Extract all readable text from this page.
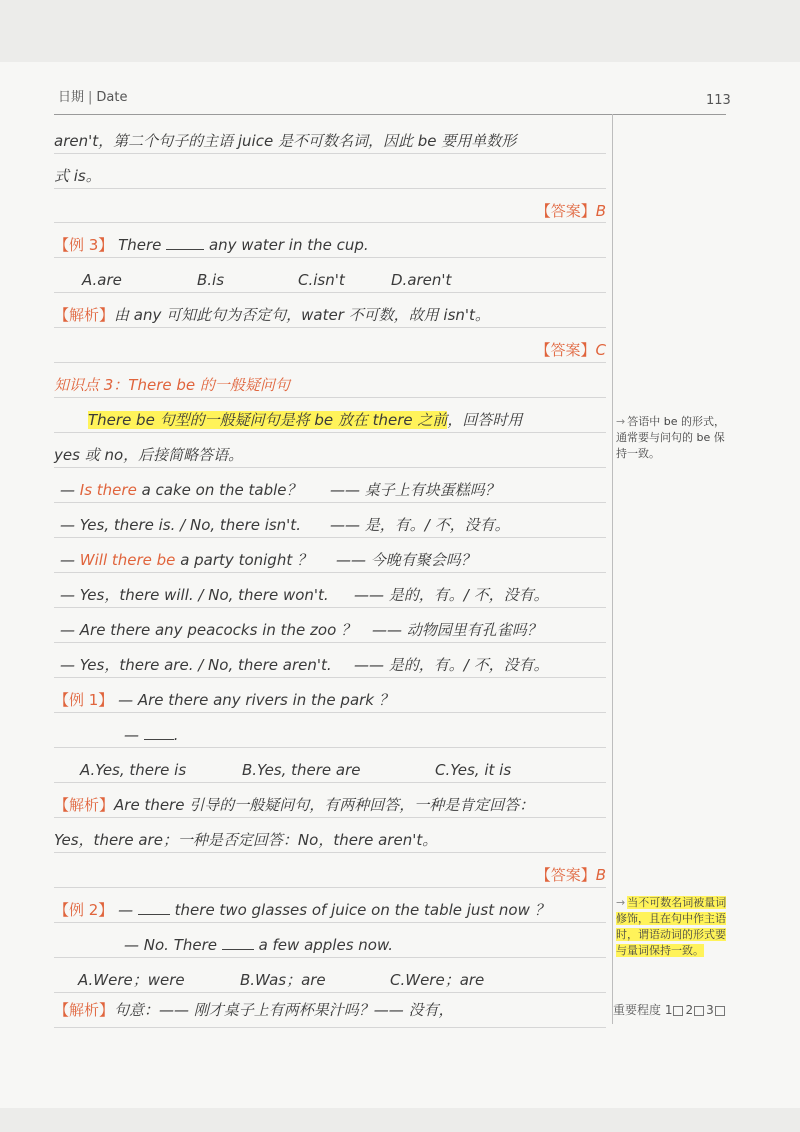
日期 | Date	113
aren't，第二个句子的主语 juice 是不可数名词，因此 be 要用单数形
式 is。
【答案】B
【例 3】 There	any water in the cup.
A.are	B.is	C.isn't	D.aren't
【解析】由 any 可知此句为否定句，water 不可数，故用 isn't。
【答案】C
知识点 3：There be 的一般疑问句
There be 句型的一般疑问句是将 be 放在 there 之前，回答时用
yes 或 no，后接简略答语。
— Is there a cake on the table？ —— 桌子上有块蛋糕吗？
— Yes, there is. / No, there isn't. —— 是，有。/ 不，没有。
— Will there be a party tonight ？ —— 今晚有聚会吗？
— Yes，there will. / No, there won't. —— 是的，有。/ 不，没有。
— Are there any peacocks in the zoo ？ —— 动物园里有孔雀吗？
— Yes，there are. / No, there aren't. —— 是的，有。/ 不，没有。
【例 1】 — Are there any rivers in the park ？
— .
A.Yes, there is	B.Yes, there are	C.Yes, it is
【解析】Are there 引导的一般疑问句，有两种回答，一种是肯定回答：
Yes，there are；一种是否定回答：No，there aren't。
【答案】B
【例 2】 —	there two glasses of juice on the table just now ？
— No. There	a few apples now.
A.Were；were	B.Was；are	C.Were；are
【解析】句意：—— 刚才桌子上有两杯果汁吗？—— 没有，
→ 答语中 be 的形式，通常要与问句的 be 保持一致。
→ 当不可数名词被量词修饰，且在句中作主语时，谓语动词的形式要与量词保持一致。
重要程度 1 2 3
